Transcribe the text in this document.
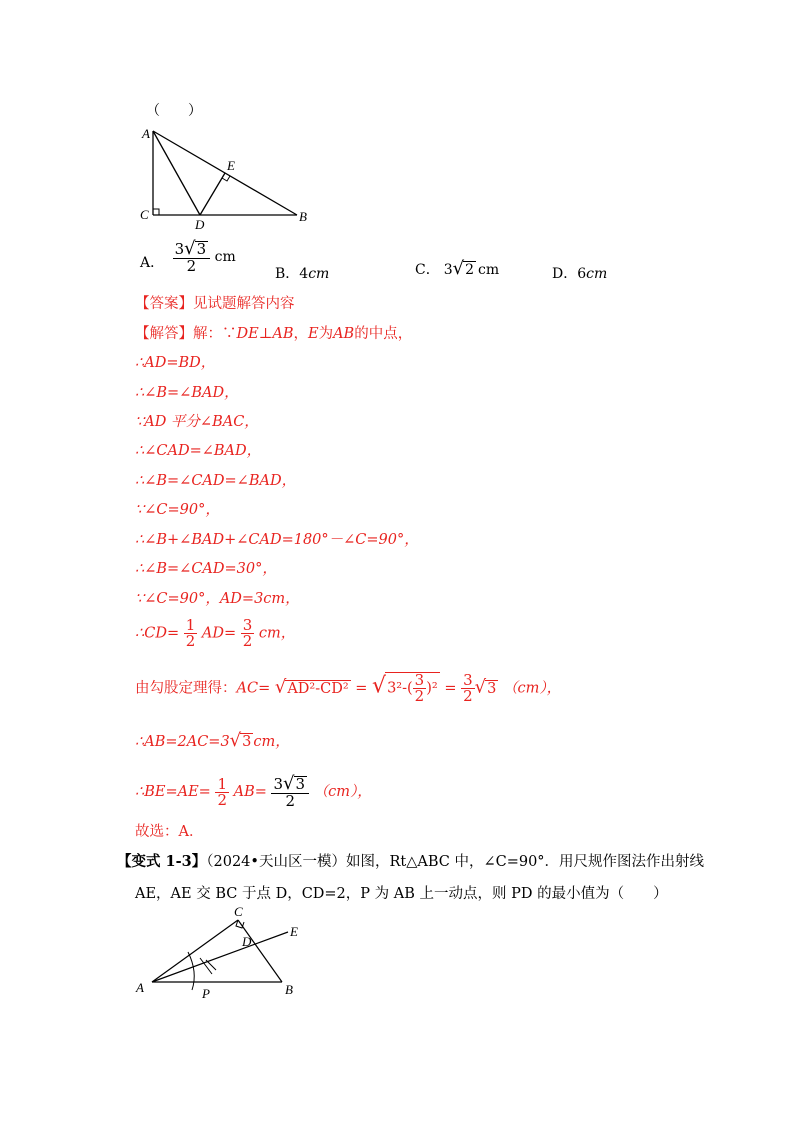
（　　）
A
C
D
E
B
A． $\frac{3√3}{2}$ cm
B．4cm	C． 3√2 cm	D．6cm
【答案】见试题解答内容
【解答】解：∵DE⊥AB，E为AB的中点，
∴AD=BD，
∴∠B=∠BAD，
∵AD 平分∠BAC，
∴∠CAD=∠BAD，
∴∠B=∠CAD=∠BAD，
∵∠C=90°，
∴∠B+∠BAD+∠CAD=180°－∠C=90°，
∴∠B=∠CAD=30°，
∵∠C=90°，AD=3cm，
∴CD= $\frac{1}{2} AD= \frac{3}{2}$ cm，
由勾股定理得：$AC= √AD^2-CD^2 = √3^2-( \frac{3}{2} )^2 = \frac{3}{2} √3$ （cm），
∴AB=2AC=3√3 cm，
∴BE=AE= $\frac{1}{2} AB= \frac{3√3}{2} (cm)$，
故选：A．
【变式 1-3】（2024•天山区一模）如图，Rt△ABC 中，∠C=90°．用尺规作图法作出射线
AE，AE 交 BC 于点 D，CD=2，P 为 AB 上一动点，则 PD 的最小值为（　　）
C
D
E
A	P	B
